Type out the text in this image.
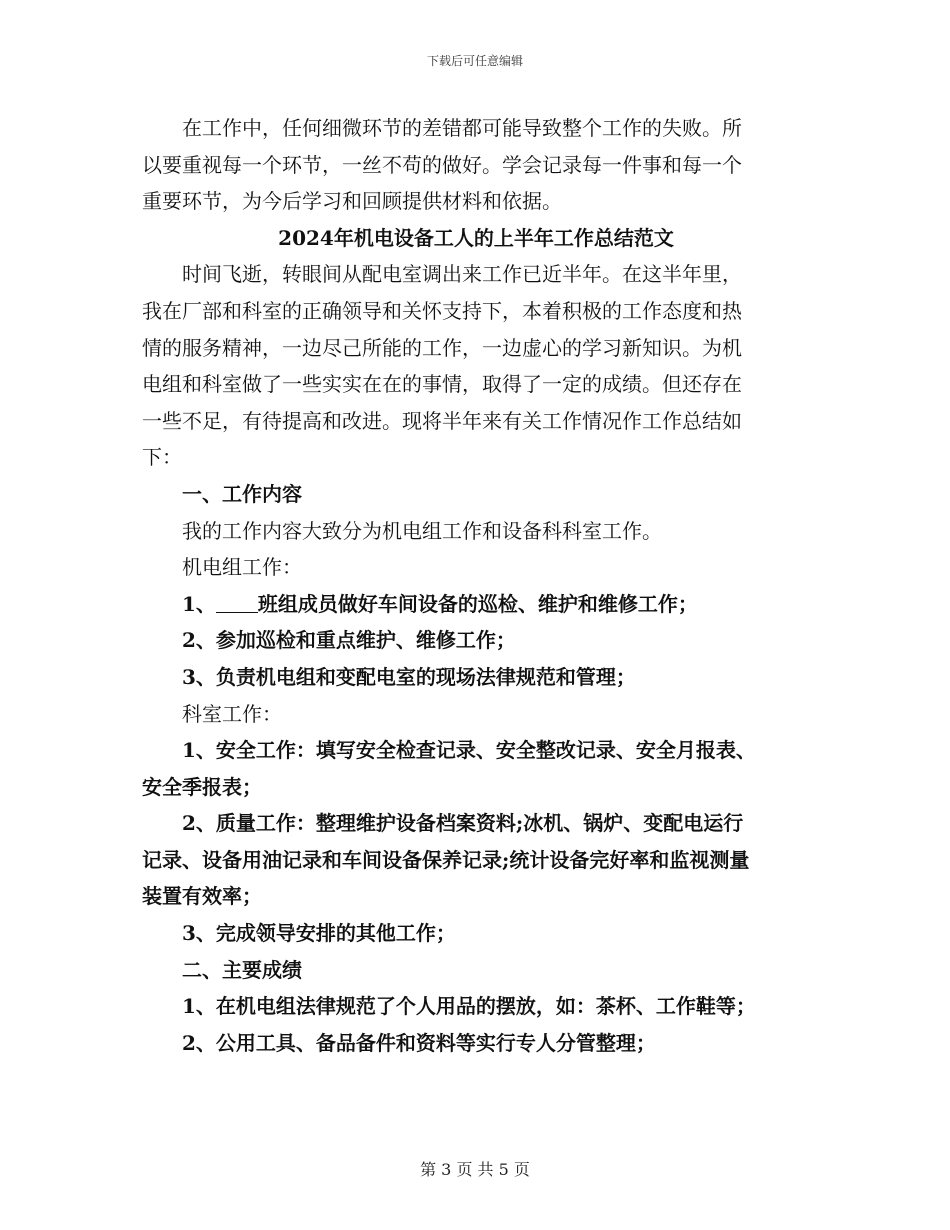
下载后可任意编辑

在工作中，任何细微环节的差错都可能导致整个工作的失败。所

以要重视每一个环节，一丝不苟的做好。学会记录每一件事和每一个

重要环节，为今后学习和回顾提供材料和依据。

2024年机电设备工人的上半年工作总结范文

时间飞逝，转眼间从配电室调出来工作已近半年。在这半年里，

我在厂部和科室的正确领导和关怀支持下，本着积极的工作态度和热

情的服务精神，一边尽己所能的工作，一边虚心的学习新知识。为机

电组和科室做了一些实实在在的事情，取得了一定的成绩。但还存在

一些不足，有待提高和改进。现将半年来有关工作情况作工作总结如

下：

一、工作内容

我的工作内容大致分为机电组工作和设备科科室工作。

机电组工作：

1、 班组成员做好车间设备的巡检、维护和维修工作；

2、参加巡检和重点维护、维修工作；

3、负责机电组和变配电室的现场法律规范和管理；

科室工作：

1、安全工作：填写安全检查记录、安全整改记录、安全月报表、

安全季报表；

2、质量工作：整理维护设备档案资料;冰机、锅炉、变配电运行

记录、设备用油记录和车间设备保养记录;统计设备完好率和监视测量

装置有效率；

3、完成领导安排的其他工作；

二、主要成绩

1、在机电组法律规范了个人用品的摆放，如：茶杯、工作鞋等；

2、公用工具、备品备件和资料等实行专人分管整理；

第 3 页 共 5 页
